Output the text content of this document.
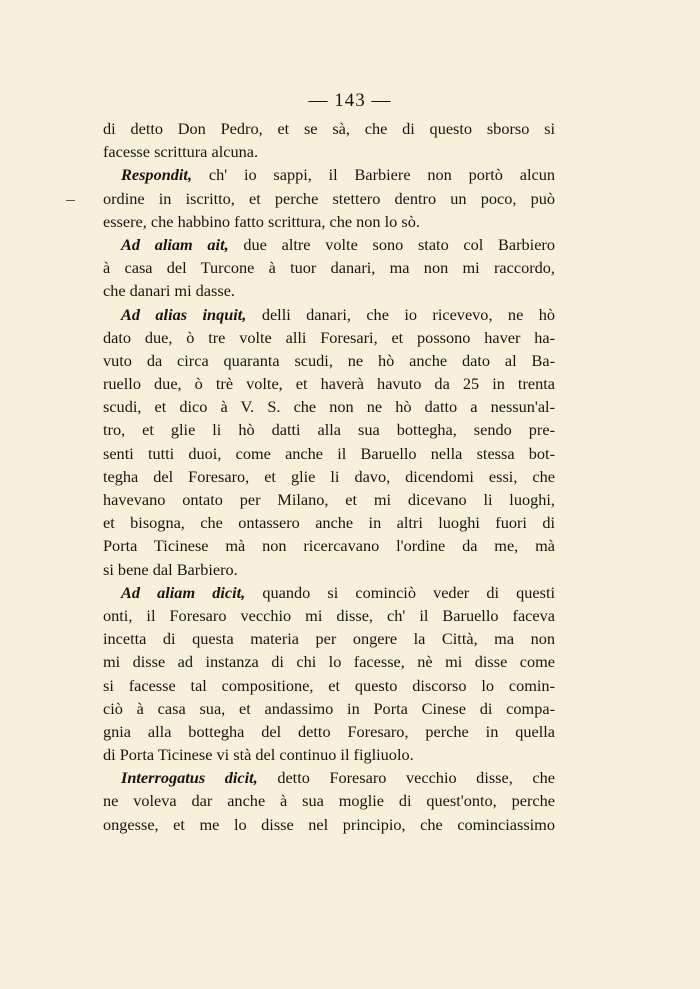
— 143 —
di detto Don Pedro, et se sà, che di questo sborso si
facesse scrittura alcuna.
Respondit, ch' io sappi, il Barbiere non portò alcun
ordine in iscritto, et perche stettero dentro un poco, può
essere, che habbino fatto scrittura, che non lo sò.
Ad aliam ait, due altre volte sono stato col Barbiero
à casa del Turcone à tuor danari, ma non mi raccordo,
che danari mi dasse.
Ad alias inquit, delli danari, che io ricevevo, ne hò
dato due, ò tre volte alli Foresari, et possono haver ha-
vuto da circa quaranta scudi, ne hò anche dato al Ba-
ruello due, ò trè volte, et haverà havuto da 25 in trenta
scudi, et dico à V. S. che non ne hò datto a nessun'al-
tro, et glie li hò datti alla sua bottegha, sendo pre-
senti tutti duoi, come anche il Baruello nella stessa bot-
tegha del Foresaro, et glie li davo, dicendomi essi, che
havevano ontato per Milano, et mi dicevano li luoghi,
et bisogna, che ontassero anche in altri luoghi fuori di
Porta Ticinese mà non ricercavano l'ordine da me, mà
si bene dal Barbiero.
Ad aliam dicit, quando si cominciò veder di questi
onti, il Foresaro vecchio mi disse, ch' il Baruello faceva
incetta di questa materia per ongere la Città, ma non
mi disse ad instanza di chi lo facesse, nè mi disse come
si facesse tal compositione, et questo discorso lo comin-
ciò à casa sua, et andassimo in Porta Cinese di compa-
gnia alla bottegha del detto Foresaro, perche in quella
di Porta Ticinese vi stà del continuo il figliuolo.
Interrogatus dicit, detto Foresaro vecchio disse, che
ne voleva dar anche à sua moglie di quest'onto, perche
ongesse, et me lo disse nel principio, che cominciassimo
